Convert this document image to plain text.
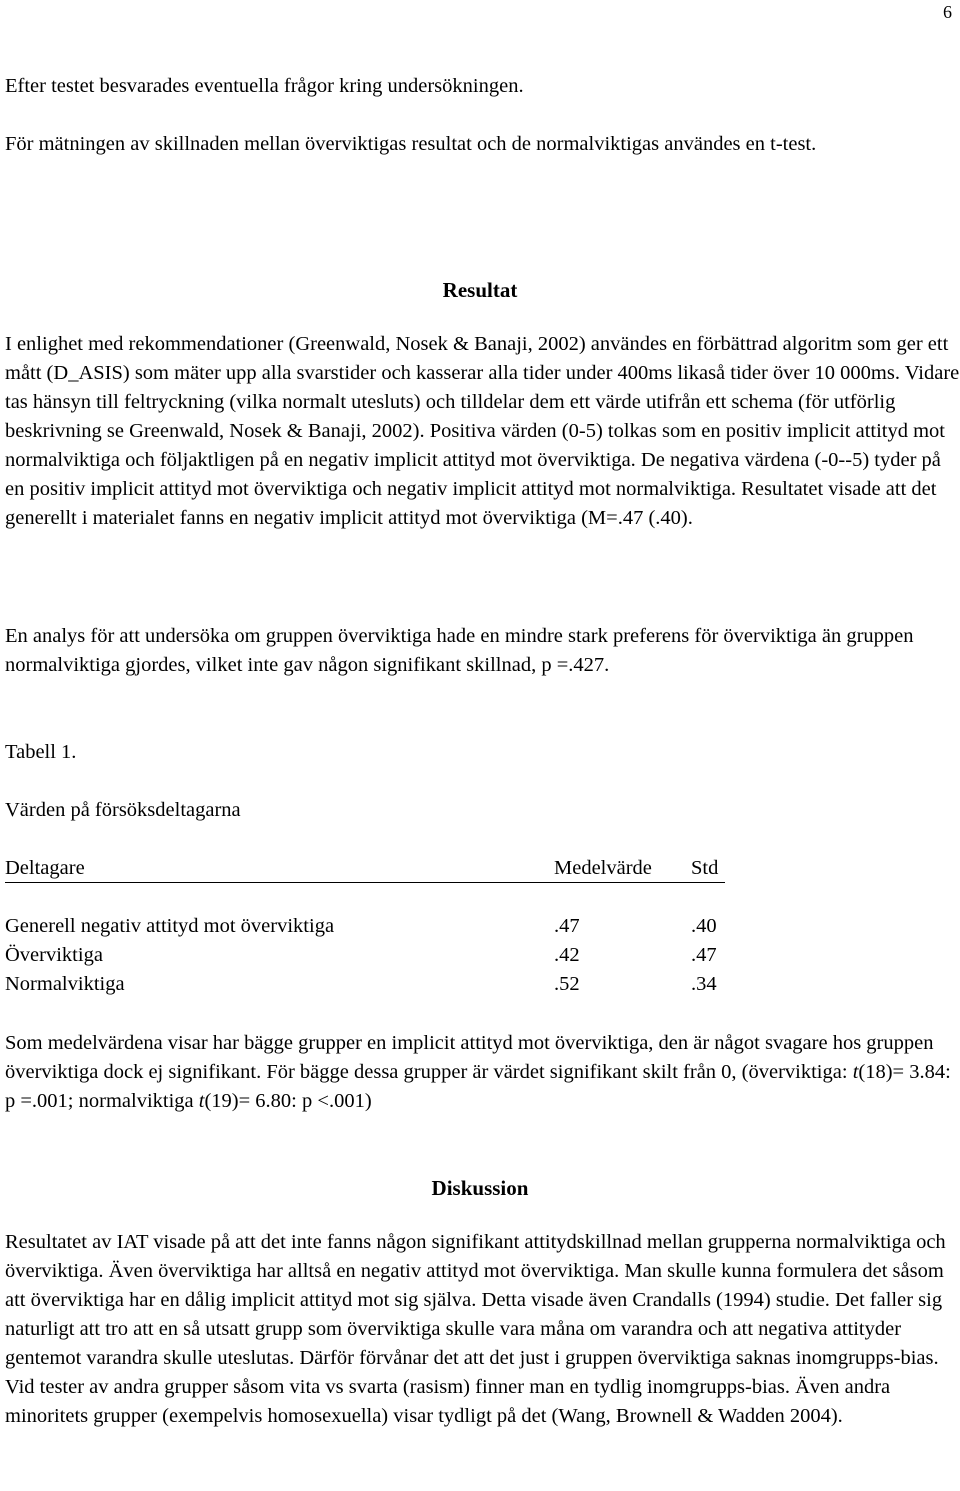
6

Efter testet besvarades eventuella frågor kring undersökningen.

För mätningen av skillnaden mellan överviktigas resultat och de normalviktigas användes en t-test.

Resultat

I enlighet med rekommendationer (Greenwald, Nosek & Banaji, 2002) användes en förbättrad algoritm som ger ett mått (D_ASIS) som mäter upp alla svarstider och kasserar alla tider under 400ms likaså tider över 10 000ms. Vidare tas hänsyn till feltryckning (vilka normalt utesluts) och tilldelar dem ett värde utifrån ett schema (för utförlig beskrivning se Greenwald, Nosek & Banaji, 2002). Positiva värden (0-5) tolkas som en positiv implicit attityd mot normalviktiga och följaktligen på en negativ implicit attityd mot överviktiga. De negativa värdena (-0--5) tyder på en positiv implicit attityd mot överviktiga och negativ implicit attityd mot normalviktiga. Resultatet visade att det generellt i materialet fanns en negativ implicit attityd mot överviktiga (M=.47 (.40).

En analys för att undersöka om gruppen överviktiga hade en mindre stark preferens för överviktiga än gruppen normalviktiga gjordes, vilket inte gav någon signifikant skillnad, p =.427.

Tabell 1.

Värden på försöksdeltagarna

Deltagare	Medelvärde Std
Generell negativ attityd mot överviktiga	.47	.40
Överviktiga	.42	.47
Normalviktiga	.52	.34

Som medelvärdena visar har bägge grupper en implicit attityd mot överviktiga, den är något svagare hos gruppen överviktiga dock ej signifikant. För bägge dessa grupper är värdet signifikant skilt från 0, (överviktiga: t(18)= 3.84: p =.001; normalviktiga t(19)= 6.80: p <.001)

Diskussion

Resultatet av IAT visade på att det inte fanns någon signifikant attitydskillnad mellan grupperna normalviktiga och överviktiga. Även överviktiga har alltså en negativ attityd mot överviktiga. Man skulle kunna formulera det såsom att överviktiga har en dålig implicit attityd mot sig själva. Detta visade även Crandalls (1994) studie. Det faller sig naturligt att tro att en så utsatt grupp som överviktiga skulle vara måna om varandra och att negativa attityder gentemot varandra skulle uteslutas. Därför förvånar det att det just i gruppen överviktiga saknas inomgrupps-bias. Vid tester av andra grupper såsom vita vs svarta (rasism) finner man en tydlig inomgrupps-bias. Även andra minoritets grupper (exempelvis homosexuella) visar tydligt på det (Wang, Brownell & Wadden 2004).
